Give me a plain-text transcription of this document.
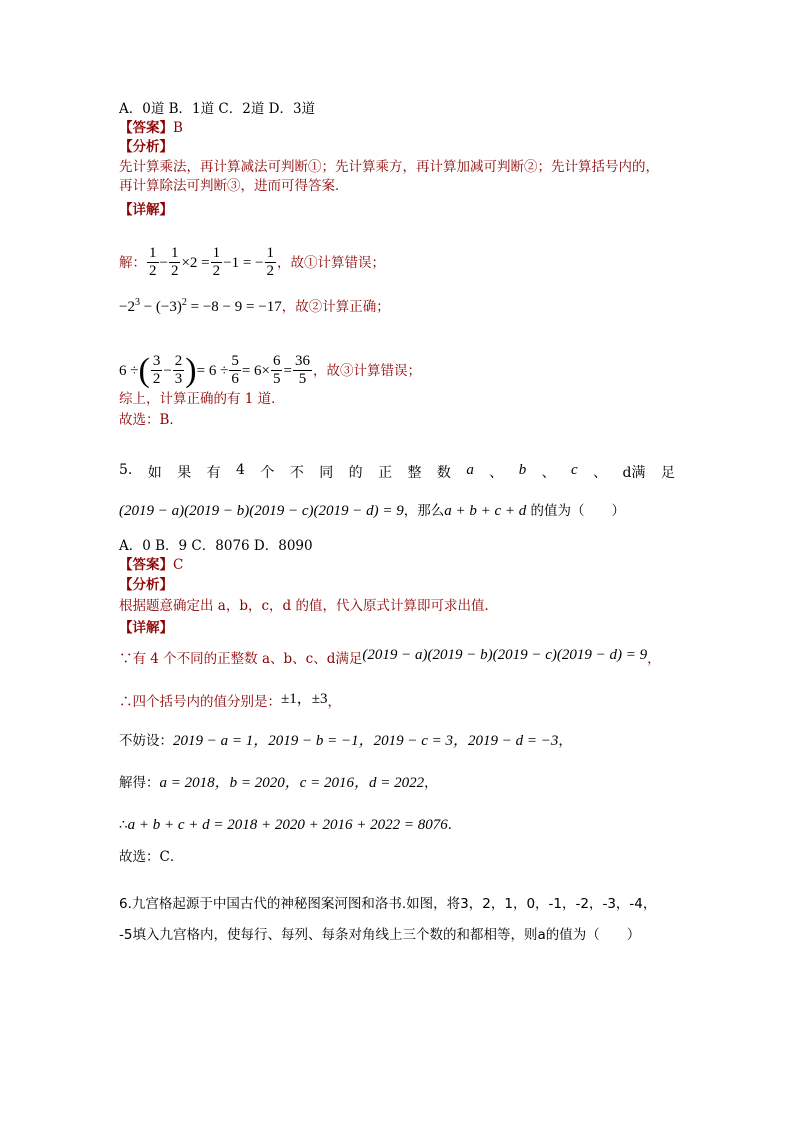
A．0道 B．1道 C．2道 D．3道
【答案】B
【分析】
先计算乘法，再计算减法可判断①；先计算乘方，再计算加减可判断②；先计算括号内的，
再计算除法可判断③，进而可得答案．
【详解】
解： $\frac{1}{2} - \frac{1}{2} \times 2 = \frac{1}{2} -1$ = − $\frac{1}{2}$ ，故①计算错误；
$-2^3 - (-3)^2 = -8 - 9 = -17$，故②计算正确；
6 ÷ ( $\frac{3}{2} - \frac{2}{3}$ ) = $6 \div \frac{5}{6} = 6\times \frac{6}{5} = \frac{36}{5}$ ，故③计算错误；
综上，计算正确的有 1 道．
故选：B．
5. 如 果 有 4 个 不 同 的 正 整 数 a 、 b 、 c 、 d满 足
(2019 − a)(2019 − b)(2019 − c)(2019 − d) = 9，那么a + b + c + d 的值为（　　）
A．0 B．9 C．8076 D．8090
【答案】C
【分析】
根据题意确定出 a，b，c，d 的值，代入原式计算即可求出值．
【详解】
∵有 4 个不同的正整数 a、b、c、d满足(2019 − a)(2019 − b)(2019 − c)(2019 − d) = 9，
∴四个括号内的值分别是：±1，±3，
不妨设：2019 − a = 1，2019 − b = −1，2019 − c = 3，2019 − d = −3，
解得：a = 2018，b = 2020，c = 2016，d = 2022，
∴a + b + c + d = 2018 + 2020 + 2016 + 2022 = 8076．
故选：C．
6.九宫格起源于中国古代的神秘图案河图和洛书.如图，将3，2，1，0，-1，-2，-3，-4，
-5填入九宫格内，使每行、每列、每条对角线上三个数的和都相等，则a的值为（　　）
